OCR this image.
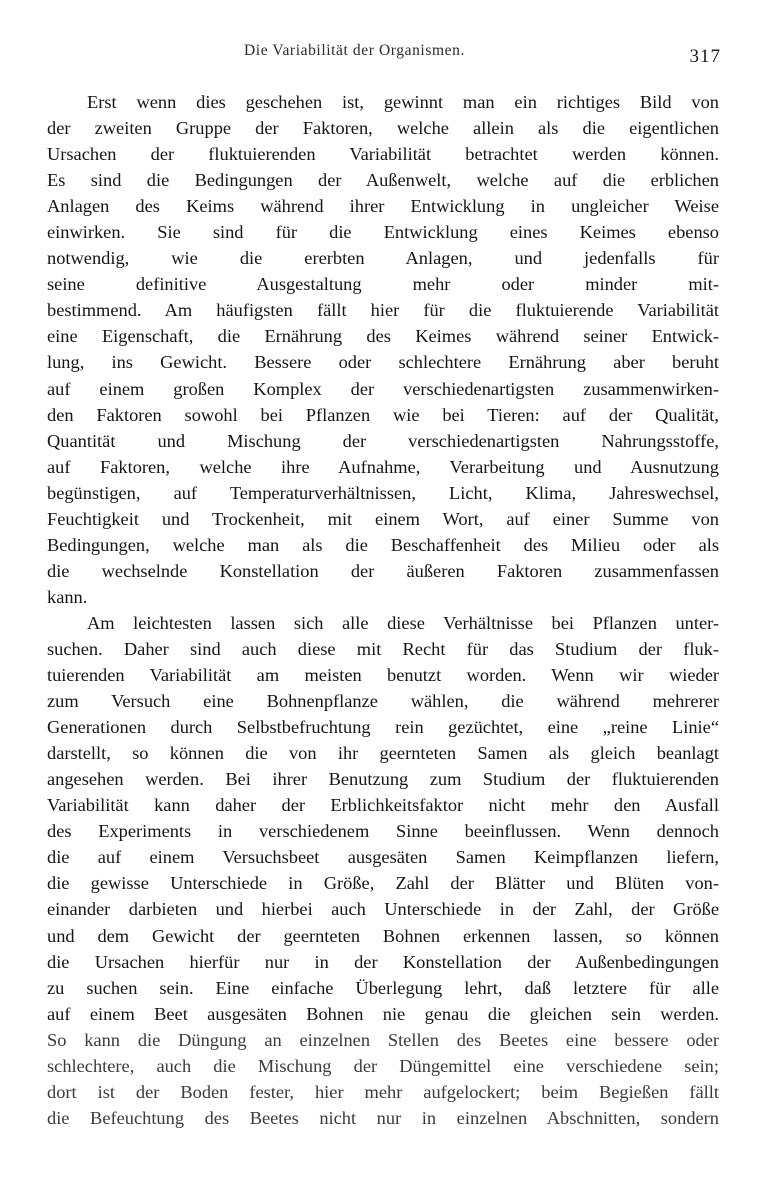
Die Variabilität der Organismen.	317
Erst wenn dies geschehen ist, gewinnt man ein richtiges Bild von
der zweiten Gruppe der Faktoren, welche allein als die eigentlichen
Ursachen der fluktuierenden Variabilität betrachtet werden können.
Es sind die Bedingungen der Außenwelt, welche auf die erblichen
Anlagen des Keims während ihrer Entwicklung in ungleicher Weise
einwirken. Sie sind für die Entwicklung eines Keimes ebenso
notwendig, wie die ererbten Anlagen, und jedenfalls für
seine definitive Ausgestaltung mehr oder minder mit-
bestimmend. Am häufigsten fällt hier für die fluktuierende Variabilität
eine Eigenschaft, die Ernährung des Keimes während seiner Entwick-
lung, ins Gewicht. Bessere oder schlechtere Ernährung aber beruht
auf einem großen Komplex der verschiedenartigsten zusammenwirken-
den Faktoren sowohl bei Pflanzen wie bei Tieren: auf der Qualität,
Quantität und Mischung der verschiedenartigsten Nahrungsstoffe,
auf Faktoren, welche ihre Aufnahme, Verarbeitung und Ausnutzung
begünstigen, auf Temperaturverhältnissen, Licht, Klima, Jahreswechsel,
Feuchtigkeit und Trockenheit, mit einem Wort, auf einer Summe von
Bedingungen, welche man als die Beschaffenheit des Milieu oder als
die wechselnde Konstellation der äußeren Faktoren zusammenfassen
kann.
Am leichtesten lassen sich alle diese Verhältnisse bei Pflanzen unter-
suchen. Daher sind auch diese mit Recht für das Studium der fluk-
tuierenden Variabilität am meisten benutzt worden. Wenn wir wieder
zum Versuch eine Bohnenpflanze wählen, die während mehrerer
Generationen durch Selbstbefruchtung rein gezüchtet, eine „reine Linie“
darstellt, so können die von ihr geernteten Samen als gleich beanlagt
angesehen werden. Bei ihrer Benutzung zum Studium der fluktuierenden
Variabilität kann daher der Erblichkeitsfaktor nicht mehr den Ausfall
des Experiments in verschiedenem Sinne beeinflussen. Wenn dennoch
die auf einem Versuchsbeet ausgesäten Samen Keimpflanzen liefern,
die gewisse Unterschiede in Größe, Zahl der Blätter und Blüten von-
einander darbieten und hierbei auch Unterschiede in der Zahl, der Größe
und dem Gewicht der geernteten Bohnen erkennen lassen, so können
die Ursachen hierfür nur in der Konstellation der Außenbedingungen
zu suchen sein. Eine einfache Überlegung lehrt, daß letztere für alle
auf einem Beet ausgesäten Bohnen nie genau die gleichen sein werden.
So kann die Düngung an einzelnen Stellen des Beetes eine bessere oder
schlechtere, auch die Mischung der Düngemittel eine verschiedene sein;
dort ist der Boden fester, hier mehr aufgelockert; beim Begießen fällt
die Befeuchtung des Beetes nicht nur in einzelnen Abschnitten, sondern
